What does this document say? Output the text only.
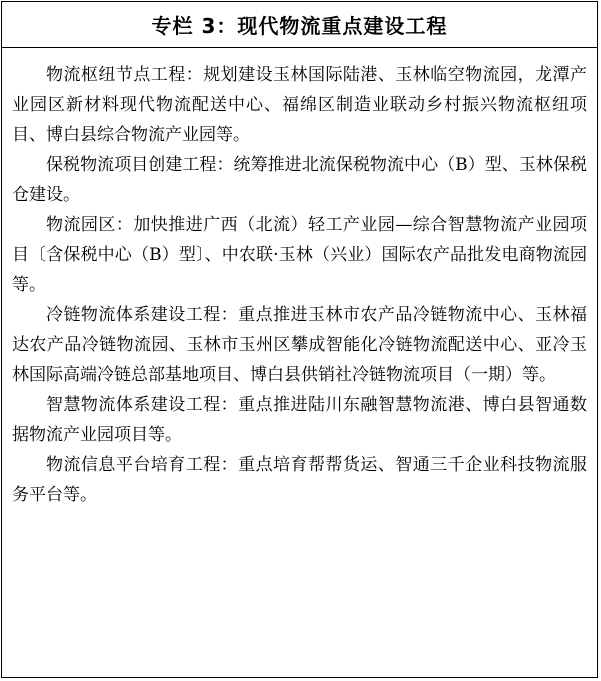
专栏 3：现代物流重点建设工程

物流枢纽节点工程：规划建设玉林国际陆港、玉林临空物流园，龙潭产业园区新材料现代物流配送中心、福绵区制造业联动乡村振兴物流枢纽项目、博白县综合物流产业园等。

保税物流项目创建工程：统筹推进北流保税物流中心（B）型、玉林保税仓建设。

物流园区：加快推进广西（北流）轻工产业园—综合智慧物流产业园项目〔含保税中心（B）型〕、中农联·玉林（兴业）国际农产品批发电商物流园等。

冷链物流体系建设工程：重点推进玉林市农产品冷链物流中心、玉林福达农产品冷链物流园、玉林市玉州区攀成智能化冷链物流配送中心、亚冷玉林国际高端冷链总部基地项目、博白县供销社冷链物流项目（一期）等。

智慧物流体系建设工程：重点推进陆川东融智慧物流港、博白县智通数据物流产业园项目等。

物流信息平台培育工程：重点培育帮帮货运、智通三千企业科技物流服务平台等。
